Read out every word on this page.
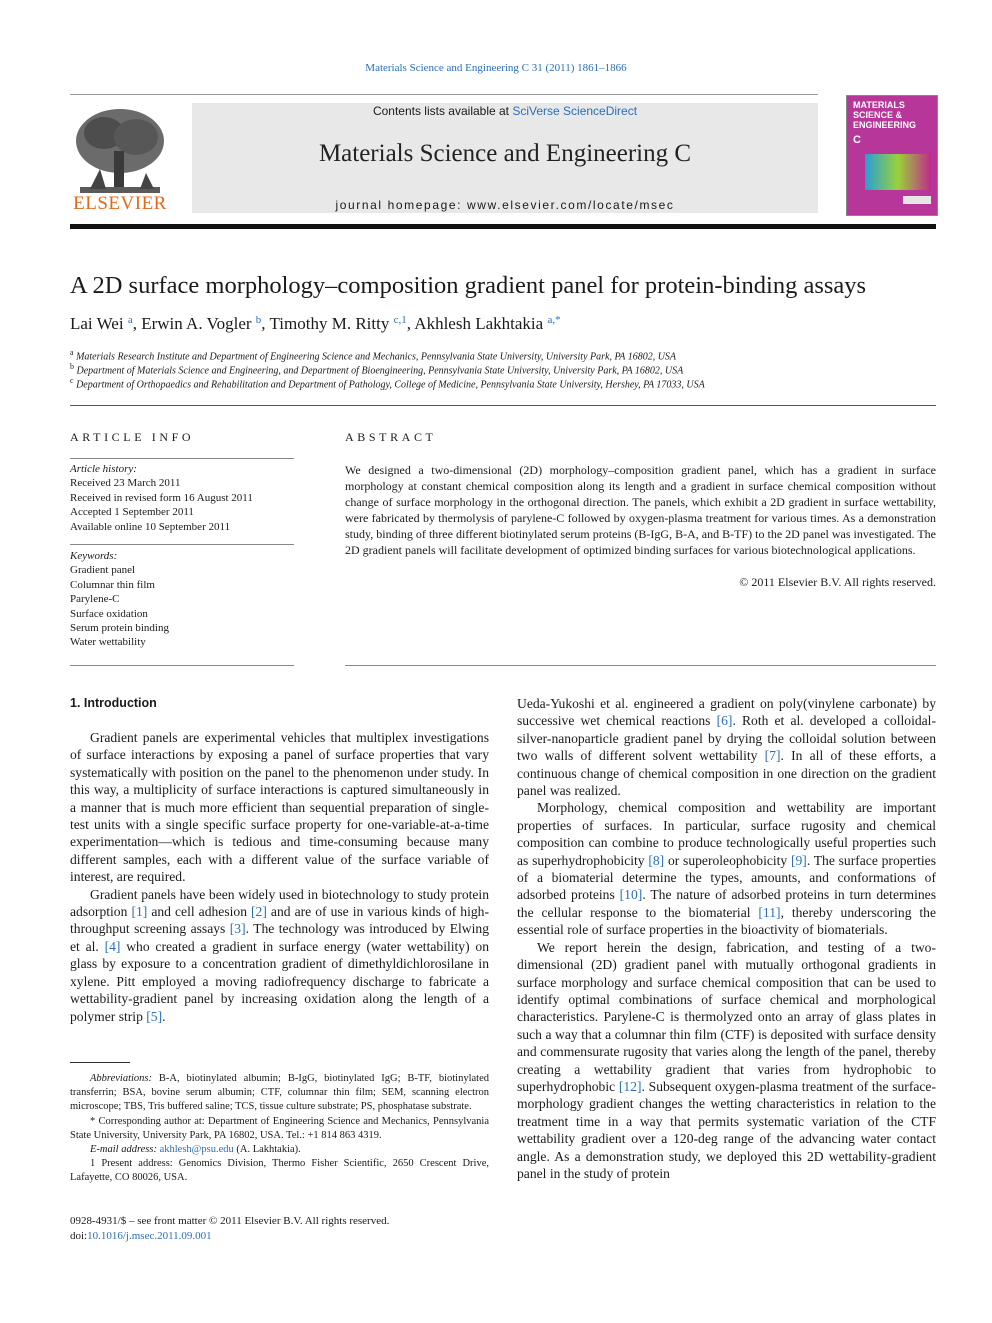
Materials Science and Engineering C 31 (2011) 1861–1866
ELSEVIER
Contents lists available at SciVerse ScienceDirect
Materials Science and Engineering C
journal homepage: www.elsevier.com/locate/msec
MATERIALS
SCIENCE &
ENGINEERING
C
A 2D surface morphology–composition gradient panel for protein-binding assays
Lai Wei $^a$, Erwin A. Vogler $^b$, Timothy M. Ritty $^{c,1}$, Akhlesh Lakhtakia $^{a,*}$
$^a$ Materials Research Institute and Department of Engineering Science and Mechanics, Pennsylvania State University, University Park, PA 16802, USA
$^b$ Department of Materials Science and Engineering, and Department of Bioengineering, Pennsylvania State University, University Park, PA 16802, USA
$^c$ Department of Orthopaedics and Rehabilitation and Department of Pathology, College of Medicine, Pennsylvania State University, Hershey, PA 17033, USA
ARTICLE INFO
Article history:
Received 23 March 2011
Received in revised form 16 August 2011
Accepted 1 September 2011
Available online 10 September 2011
Keywords:
Gradient panel
Columnar thin film
Parylene-C
Surface oxidation
Serum protein binding
Water wettability
ABSTRACT
We designed a two-dimensional (2D) morphology–composition gradient panel, which has a gradient in surface morphology at constant chemical composition along its length and a gradient in surface chemical composition without change of surface morphology in the orthogonal direction. The panels, which exhibit a 2D gradient in surface wettability, were fabricated by thermolysis of parylene-C followed by oxygen-plasma treatment for various times. As a demonstration study, binding of three different biotinylated serum proteins (B-IgG, B-A, and B-TF) to the 2D panel was investigated. The 2D gradient panels will facilitate development of optimized binding surfaces for various biotechnological applications.
© 2011 Elsevier B.V. All rights reserved.
1. Introduction

Gradient panels are experimental vehicles that multiplex investigations of surface interactions by exposing a panel of surface properties that vary systematically with position on the panel to the phenomenon under study. In this way, a multiplicity of surface interactions is captured simultaneously in a manner that is much more efficient than sequential preparation of single-test units with a single specific surface property for one-variable-at-a-time experimentation—which is tedious and time-consuming because many different samples, each with a different value of the surface variable of interest, are required.

Gradient panels have been widely used in biotechnology to study protein adsorption [1] and cell adhesion [2] and are of use in various kinds of high-throughput screening assays [3]. The technology was introduced by Elwing et al. [4] who created a gradient in surface energy (water wettability) on glass by exposure to a concentration gradient of dimethyldichlorosilane in xylene. Pitt employed a moving radiofrequency discharge to fabricate a wettability-gradient panel by increasing oxidation along the length of a polymer strip [5].

Abbreviations: B-A, biotinylated albumin; B-IgG, biotinylated IgG; B-TF, biotinylated transferrin; BSA, bovine serum albumin; CTF, columnar thin film; SEM, scanning electron microscope; TBS, Tris buffered saline; TCS, tissue culture substrate; PS, phosphatase substrate.

* Corresponding author at: Department of Engineering Science and Mechanics, Pennsylvania State University, University Park, PA 16802, USA. Tel.: +1 814 863 4319.

E-mail address: akhlesh@psu.edu (A. Lakhtakia).

1 Present address: Genomics Division, Thermo Fisher Scientific, 2650 Crescent Drive, Lafayette, CO 80026, USA.

0928-4931/$ – see front matter © 2011 Elsevier B.V. All rights reserved.
doi:10.1016/j.msec.2011.09.001

Ueda-Yukoshi et al. engineered a gradient on poly(vinylene carbonate) by successive wet chemical reactions [6]. Roth et al. developed a colloidal-silver-nanoparticle gradient panel by drying the colloidal solution between two walls of different solvent wettability [7]. In all of these efforts, a continuous change of chemical composition in one direction on the gradient panel was realized.

Morphology, chemical composition and wettability are important properties of surfaces. In particular, surface rugosity and chemical composition can combine to produce technologically useful properties such as superhydrophobicity [8] or superoleophobicity [9]. The surface properties of a biomaterial determine the types, amounts, and conformations of adsorbed proteins [10]. The nature of adsorbed proteins in turn determines the cellular response to the biomaterial [11], thereby underscoring the essential role of surface properties in the bioactivity of biomaterials.

We report herein the design, fabrication, and testing of a two-dimensional (2D) gradient panel with mutually orthogonal gradients in surface morphology and surface chemical composition that can be used to identify optimal combinations of surface chemical and morphological characteristics. Parylene-C is thermolyzed onto an array of glass plates in such a way that a columnar thin film (CTF) is deposited with surface density and commensurate rugosity that varies along the length of the panel, thereby creating a wettability gradient that varies from hydrophobic to superhydrophobic [12]. Subsequent oxygen-plasma treatment of the surface-morphology gradient changes the wetting characteristics in relation to the treatment time in a way that permits systematic variation of the CTF wettability gradient over a 120-deg range of the advancing water contact angle. As a demonstration study, we deployed this 2D wettability-gradient panel in the study of protein
